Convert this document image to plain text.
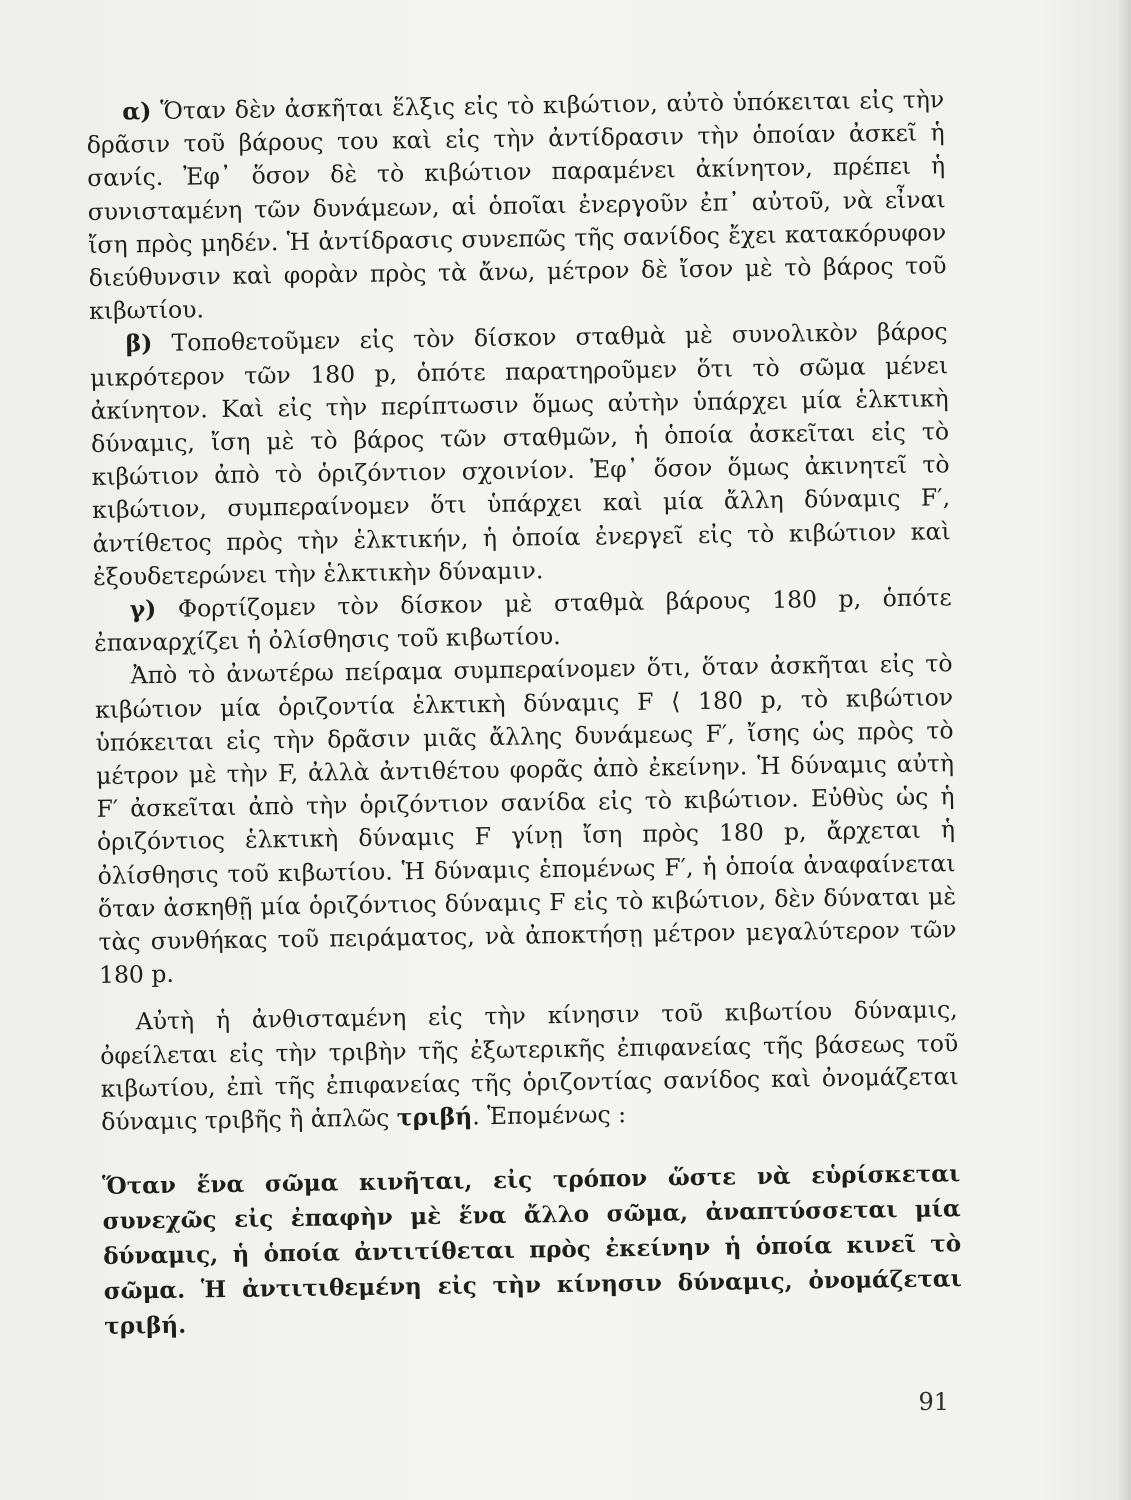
α) Ὅταν δὲν ἀσκῆται ἕλξις εἰς τὸ κιβώτιον, αὐτὸ ὑπόκειται εἰς τὴν δρᾶσιν τοῦ βάρους του καὶ εἰς τὴν ἀντίδρασιν τὴν ὁποίαν ἀσκεῖ ἡ σανίς. Ἐφ᾽ ὅσον δὲ τὸ κιβώτιον παραμένει ἀκίνητον, πρέπει ἡ συνισταμένη τῶν δυνάμεων, αἱ ὁποῖαι ἐνεργοῦν ἐπ᾽ αὐτοῦ, νὰ εἶναι ἴση πρὸς μηδέν. Ἡ ἀντίδρασις συνεπῶς τῆς σανίδος ἔχει κατακόρυφον διεύθυνσιν καὶ φορὰν πρὸς τὰ ἄνω, μέτρον δὲ ἴσον μὲ τὸ βάρος τοῦ κιβωτίου.

β) Τοποθετοῦμεν εἰς τὸν δίσκον σταθμὰ μὲ συνολικὸν βάρος μικρότερον τῶν 180 p, ὁπότε παρατηροῦμεν ὅτι τὸ σῶμα μένει ἀκίνητον. Καὶ εἰς τὴν περίπτωσιν ὅμως αὐτὴν ὑπάρχει μία ἑλκτικὴ δύναμις, ἴση μὲ τὸ βάρος τῶν σταθμῶν, ἡ ὁποία ἀσκεῖται εἰς τὸ κιβώτιον ἀπὸ τὸ ὁριζόντιον σχοινίον. Ἐφ᾽ ὅσον ὅμως ἀκινητεῖ τὸ κιβώτιον, συμπεραίνομεν ὅτι ὑπάρχει καὶ μία ἄλλη δύναμις F′, ἀντίθετος πρὸς τὴν ἑλκτικήν, ἡ ὁποία ἐνεργεῖ εἰς τὸ κιβώτιον καὶ ἐξουδετερώνει τὴν ἑλκτικὴν δύναμιν.

γ) Φορτίζομεν τὸν δίσκον μὲ σταθμὰ βάρους 180 p, ὁπότε ἐπαναρχίζει ἡ ὀλίσθησις τοῦ κιβωτίου.

Ἀπὸ τὸ ἀνωτέρω πείραμα συμπεραίνομεν ὅτι, ὅταν ἀσκῆται εἰς τὸ κιβώτιον μία ὁριζοντία ἑλκτικὴ δύναμις F ⟨ 180 p, τὸ κιβώτιον ὑπόκειται εἰς τὴν δρᾶσιν μιᾶς ἄλλης δυνάμεως F′, ἴσης ὡς πρὸς τὸ μέτρον μὲ τὴν F, ἀλλὰ ἀντιθέτου φορᾶς ἀπὸ ἐκείνην. Ἡ δύναμις αὐτὴ F′ ἀσκεῖται ἀπὸ τὴν ὁριζόντιον σανίδα εἰς τὸ κιβώτιον. Εὐθὺς ὡς ἡ ὁριζόντιος ἑλκτικὴ δύναμις F γίνῃ ἴση πρὸς 180 p, ἄρχεται ἡ ὀλίσθησις τοῦ κιβωτίου. Ἡ δύναμις ἑπομένως F′, ἡ ὁποία ἀναφαίνεται ὅταν ἀσκηθῇ μία ὁριζόντιος δύναμις F εἰς τὸ κιβώτιον, δὲν δύναται μὲ τὰς συνθήκας τοῦ πειράματος, νὰ ἀποκτήσῃ μέτρον μεγαλύτερον τῶν 180 p.

Αὐτὴ ἡ ἀνθισταμένη εἰς τὴν κίνησιν τοῦ κιβωτίου δύναμις, ὀφείλεται εἰς τὴν τριβὴν τῆς ἐξωτερικῆς ἐπιφανείας τῆς βάσεως τοῦ κιβωτίου, ἐπὶ τῆς ἐπιφανείας τῆς ὁριζοντίας σανίδος καὶ ὀνομάζεται δύναμις τριβῆς ἢ ἁπλῶς τριβή. Ἑπομένως :

Ὅταν ἕνα σῶμα κινῆται, εἰς τρόπον ὥστε νὰ εὑρίσκεται συνεχῶς εἰς ἐπαφὴν μὲ ἕνα ἄλλο σῶμα, ἀναπτύσσεται μία δύναμις, ἡ ὁποία ἀντιτίθεται πρὸς ἐκείνην ἡ ὁποία κινεῖ τὸ σῶμα. Ἡ ἀντιτιθεμένη εἰς τὴν κίνησιν δύναμις, ὀνομάζεται τριβή.

91
